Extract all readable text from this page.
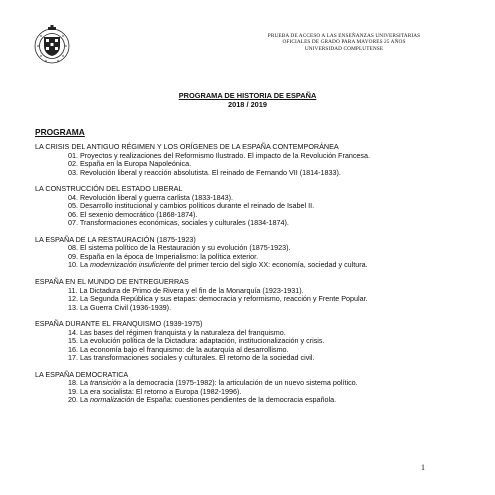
PRUEBA DE ACCESO A LAS ENSEÑANZAS UNIVERSITARIAS
OFICIALES DE GRADO PARA MAYORES 25 AÑOS
UNIVERSIDAD COMPLUTENSE
PROGRAMA DE HISTORIA DE ESPAÑA
2018 / 2019
PROGRAMA
LA CRISIS DEL ANTIGUO RÉGIMEN Y LOS ORÍGENES DE LA ESPAÑA CONTEMPORÁNEA
01. Proyectos y realizaciones del Reformismo Ilustrado. El impacto de la Revolución Francesa.
02. España en la Europa Napoleónica.
03. Revolución liberal y reacción absolutista. El reinado de Fernando VII (1814-1833).
LA CONSTRUCCIÓN DEL ESTADO LIBERAL
04. Revolución liberal y guerra carlista (1833-1843).
05. Desarrollo institucional y cambios políticos durante el reinado de Isabel II.
06. El sexenio democrático (1868-1874).
07. Transformaciones económicas, sociales y culturales (1834-1874).
LA ESPAÑA DE LA RESTAURACIÓN (1875-1923)
08. El sistema político de la Restauración y su evolución (1875-1923).
09. España en la época de Imperialismo: la política exterior.
10. La modernización insuficiente del primer tercio del siglo XX: economía, sociedad y cultura.
ESPAÑA EN EL MUNDO DE ENTREGUERRAS
11. La Dictadura de Primo de Rivera y el fin de la Monarquía (1923-1931).
12. La Segunda República y sus etapas: democracia y reformismo, reacción y Frente Popular.
13. La Guerra Civil (1936-1939).
ESPAÑA DURANTE EL FRANQUISMO (1939-1975)
14. Las bases del régimen franquista y la naturaleza del franquismo.
15. La evolución política de la Dictadura: adaptación, institucionalización y crisis.
16. La economía bajo el franquismo: de la autarquía al desarrollismo.
17. Las transformaciones sociales y culturales. El retorno de la sociedad civil.
LA ESPAÑA DEMOCRATICA
18. La transición a la democracia (1975-1982): la articulación de un nuevo sistema político.
19. La era socialista: El retorno a Europa (1982-1996).
20. La normalización de España: cuestiones pendientes de la democracia española.
1
